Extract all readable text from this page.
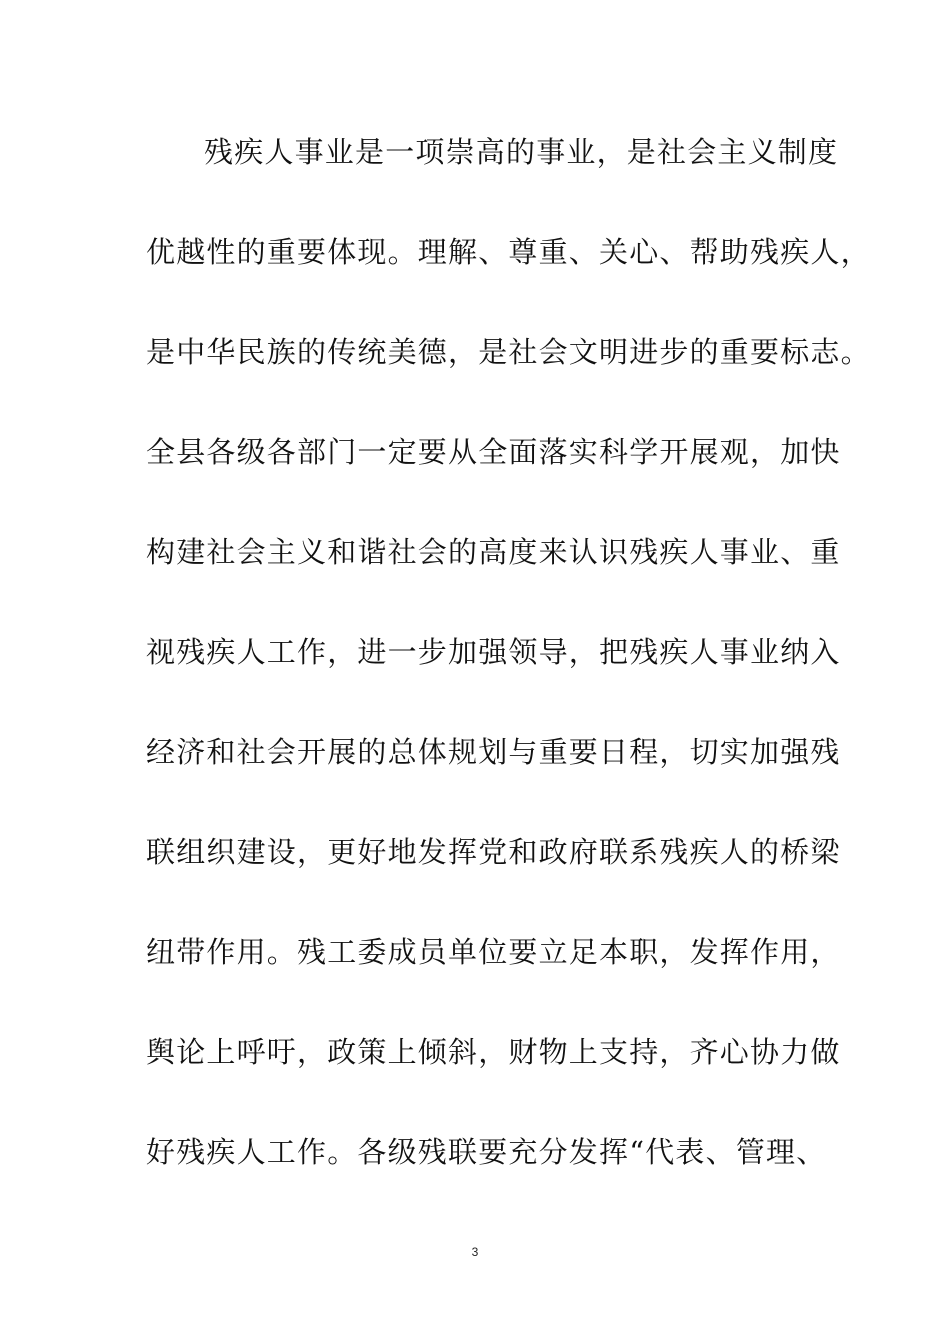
残疾人事业是一项崇高的事业，是社会主义制度
优越性的重要体现。理解、尊重、关心、帮助残疾人，
是中华民族的传统美德，是社会文明进步的重要标志。
全县各级各部门一定要从全面落实科学开展观，加快
构建社会主义和谐社会的高度来认识残疾人事业、重
视残疾人工作，进一步加强领导，把残疾人事业纳入
经济和社会开展的总体规划与重要日程，切实加强残
联组织建设，更好地发挥党和政府联系残疾人的桥梁
纽带作用。残工委成员单位要立足本职，发挥作用，
舆论上呼吁，政策上倾斜，财物上支持，齐心协力做
好残疾人工作。各级残联要充分发挥“代表、管理、
3
